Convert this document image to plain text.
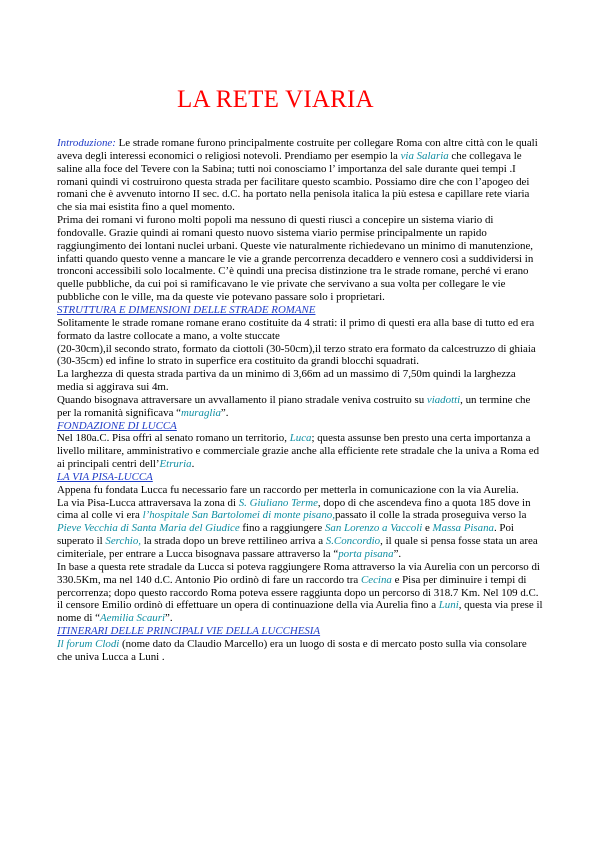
LA RETE VIARIA

Introduzione: Le strade romane furono principalmente costruite per collegare Roma con altre città con le quali aveva degli interessi economici o religiosi notevoli. Prendiamo per esempio la via Salaria che collegava le saline alla foce del Tevere con la Sabina; tutti noi conosciamo l’ importanza del sale durante quei tempi .I romani quindi vi costruirono questa strada per facilitare questo scambio. Possiamo dire che con l’apogeo dei romani che è avvenuto intorno II sec. d.C. ha portato nella penisola italica la più estesa e capillare rete viaria che sia mai esistita fino a quel momento.

Prima dei romani vi furono molti popoli ma nessuno di questi riuscì a concepire un sistema viario di fondovalle. Grazie quindi ai romani questo nuovo sistema viario permise principalmente un rapido raggiungimento dei lontani nuclei urbani. Queste vie naturalmente richiedevano un minimo di manutenzione, infatti quando questo venne a mancare le vie a grande percorrenza decaddero e vennero così a suddividersi in tronconi accessibili solo localmente. C’è quindi una precisa distinzione tra le strade romane, perché vi erano quelle pubbliche, da cui poi si ramificavano le vie private che servivano a sua volta per collegare le vie pubbliche con le ville, ma da queste vie potevano passare solo i proprietari.

STRUTTURA E DIMENSIONI DELLE STRADE ROMANE

Solitamente le strade romane romane erano costituite da 4 strati: il primo di questi era alla base di tutto ed era formato da lastre collocate a mano, a volte stuccate

(20-30cm),il secondo strato, formato da ciottoli (30-50cm),il terzo strato era formato da calcestruzzo di ghiaia (30-35cm) ed infine lo strato in superfice era costituito da grandi blocchi squadrati.

La larghezza di questa strada partiva da un minimo di 3,66m ad un massimo di 7,50m quindi la larghezza media si aggirava sui 4m.

Quando bisognava attraversare un avvallamento il piano stradale veniva costruito su viadotti, un termine che per la romanità significava “muraglia”.

FONDAZIONE DI LUCCA

Nel 180a.C. Pisa offrì al senato romano un territorio, Luca; questa assunse ben presto una certa importanza a livello militare, amministrativo e commerciale grazie anche alla efficiente rete stradale che la univa a Roma ed ai principali centri dell’Etruria.

LA VIA PISA-LUCCA

Appena fu fondata Lucca fu necessario fare un raccordo per metterla in comunicazione con la via Aurelia.

La via Pisa-Lucca attraversava la zona di S. Giuliano Terme, dopo di che ascendeva fino a quota 185 dove in cima al colle vi era l’hospitale San Bartolomei di monte pisano,passato il colle la strada proseguiva verso la Pieve Vecchia di Santa Maria del Giudice fino a raggiungere San Lorenzo a Vaccoli e Massa Pisana. Poi superato il Serchio, la strada dopo un breve rettilineo arriva a S.Concordio, il quale si pensa fosse stata un area cimiteriale, per entrare a Lucca bisognava passare attraverso la “porta pisana”.

In base a questa rete stradale da Lucca si poteva raggiungere Roma attraverso la via Aurelia con un percorso di 330.5Km, ma nel 140 d.C. Antonio Pio ordinò di fare un raccordo tra Cecina e Pisa per diminuire i tempi di percorrenza; dopo questo raccordo Roma poteva essere raggiunta dopo un percorso di 318.7 Km. Nel 109 d.C. il censore Emilio ordinò di effettuare un opera di continuazione della via Aurelia fino a Luni, questa via prese il nome di “Aemilia Scauri”.

ITINERARI DELLE PRINCIPALI VIE DELLA LUCCHESIA

Il forum Clodi (nome dato da Claudio Marcello) era un luogo di sosta e di mercato posto sulla via consolare che univa Lucca a Luni .
